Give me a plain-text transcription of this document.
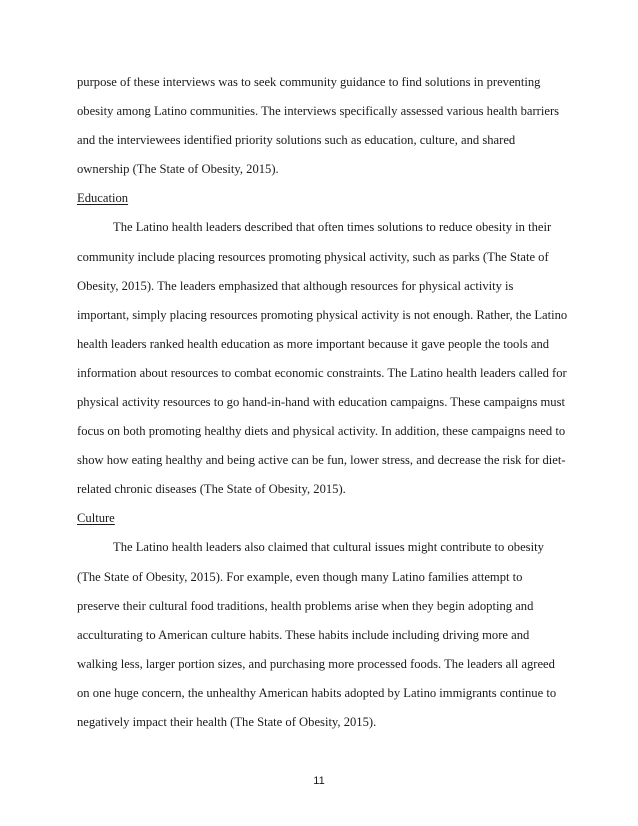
purpose of these interviews was to seek community guidance to find solutions in preventing
obesity among Latino communities. The interviews specifically assessed various health barriers
and the interviewees identified priority solutions such as education, culture, and shared
ownership (The State of Obesity, 2015).
Education
The Latino health leaders described that often times solutions to reduce obesity in their
community include placing resources promoting physical activity, such as parks (The State of
Obesity, 2015). The leaders emphasized that although resources for physical activity is
important, simply placing resources promoting physical activity is not enough. Rather, the Latino
health leaders ranked health education as more important because it gave people the tools and
information about resources to combat economic constraints. The Latino health leaders called for
physical activity resources to go hand-in-hand with education campaigns. These campaigns must
focus on both promoting healthy diets and physical activity. In addition, these campaigns need to
show how eating healthy and being active can be fun, lower stress, and decrease the risk for diet-
related chronic diseases (The State of Obesity, 2015).
Culture
The Latino health leaders also claimed that cultural issues might contribute to obesity
(The State of Obesity, 2015). For example, even though many Latino families attempt to
preserve their cultural food traditions, health problems arise when they begin adopting and
acculturating to American culture habits. These habits include including driving more and
walking less, larger portion sizes, and purchasing more processed foods. The leaders all agreed
on one huge concern, the unhealthy American habits adopted by Latino immigrants continue to
negatively impact their health (The State of Obesity, 2015).
11
